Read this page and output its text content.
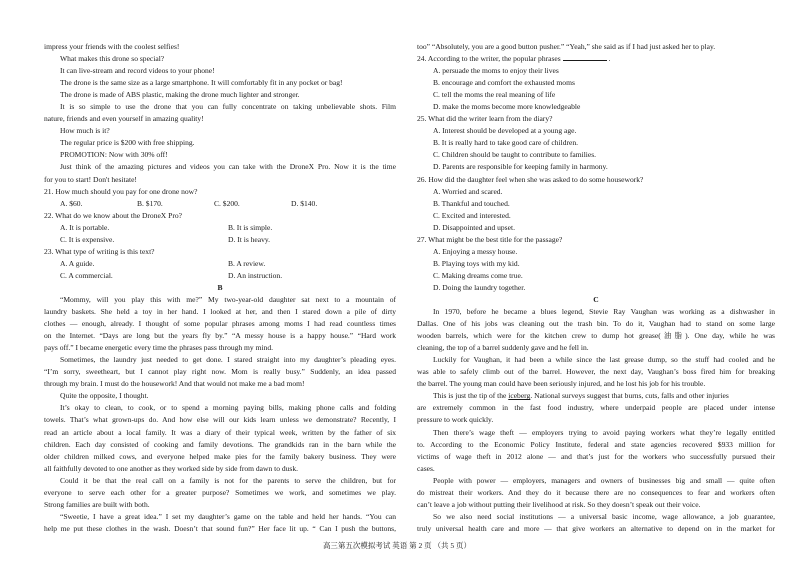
impress your friends with the coolest selfies!
What makes this drone so special?
It can live-stream and record videos to your phone!
The drone is the same size as a large smartphone. It will comfortably fit in any pocket or bag!
The drone is made of ABS plastic, making the drone much lighter and stronger.
It is so simple to use the drone that you can fully concentrate on taking unbelievable shots. Film
nature, friends and even yourself in amazing quality!
How much is it?
The regular price is $200 with free shipping.
PROMOTION: Now with 30% off!
Just think of the amazing pictures and videos you can take with the DroneX Pro. Now it is the time
for you to start! Don't hesitate!
21. How much should you pay for one drone now?
A. $60.	B. $170.	C. $200.	D. $140.
22. What do we know about the DroneX Pro?
A. It is portable.	B. It is simple.
C. It is expensive.	D. It is heavy.
23. What type of writing is this text?
A. A guide.	B. A review.
C. A commercial.	D. An instruction.
B
“Mommy, will you play this with me?” My two-year-old daughter sat next to a mountain of
laundry baskets. She held a toy in her hand. I looked at her, and then I stared down a pile of dirty
clothes — enough, already. I thought of some popular phrases among moms I had read countless times
on the Internet. “Days are long but the years fly by.” “A messy house is a happy house.” “Hard work
pays off.” I became energetic every time the phrases pass through my mind.
Sometimes, the laundry just needed to get done. I stared straight into my daughter’s pleading eyes.
“I’m sorry, sweetheart, but I cannot play right now. Mom is really busy.” Suddenly, an idea passed
through my brain. I must do the housework! And that would not make me a bad mom!
Quite the opposite, I thought.
It’s okay to clean, to cook, or to spend a morning paying bills, making phone calls and folding
towels. That’s what grown-ups do. And how else will our kids learn unless we demonstrate? Recently, I
read an article about a local family. It was a diary of their typical week, written by the father of six
children. Each day consisted of cooking and family devotions. The grandkids ran in the barn while the
older children milked cows, and everyone helped make pies for the family bakery business. They were
all faithfully devoted to one another as they worked side by side from dawn to dusk.
Could it be that the real call on a family is not for the parents to serve the children, but for
everyone to serve each other for a greater purpose? Sometimes we work, and sometimes we play.
Strong families are built with both.
“Sweetie, I have a great idea.” I set my daughter’s game on the table and held her hands. “You can
help me put these clothes in the wash. Doesn’t that sound fun?” Her face lit up. “ Can I push the buttons,
too” “Absolutely, you are a good button pusher.” “Yeah,” she said as if I had just asked her to play.
24. According to the writer, the popular phrases	.
A. persuade the moms to enjoy their lives
B. encourage and comfort the exhausted moms
C. tell the moms the real meaning of life
D. make the moms become more knowledgeable
25. What did the writer learn from the diary?
A. Interest should be developed at a young age.
B. It is really hard to take good care of children.
C. Children should be taught to contribute to families.
D. Parents are responsible for keeping family in harmony.
26. How did the daughter feel when she was asked to do some housework?
A. Worried and scared.
B. Thankful and touched.
C. Excited and interested.
D. Disappointed and upset.
27. What might be the best title for the passage?
A. Enjoying a messy house.
B. Playing toys with my kid.
C. Making dreams come true.
D. Doing the laundry together.
C
In 1970, before he became a blues legend, Stevie Ray Vaughan was working as a dishwasher in
Dallas. One of his jobs was cleaning out the trash bin. To do it, Vaughan had to stand on some large
wooden barrels, which were for the kitchen crew to dump hot grease(油脂). One day, while he was
cleaning, the top of a barrel suddenly gave and he fell in.
Luckily for Vaughan, it had been a while since the last grease dump, so the stuff had cooled and he
was able to safely climb out of the barrel. However, the next day, Vaughan’s boss fired him for breaking
the barrel. The young man could have been seriously injured, and he lost his job for his trouble.
This is just the tip of the iceberg. National surveys suggest that burns, cuts, falls and other injuries
are extremely common in the fast food industry, where underpaid people are placed under intense
pressure to work quickly.
Then there’s wage theft — employers trying to avoid paying workers what they’re legally entitled
to. According to the Economic Policy Institute, federal and state agencies recovered $933 million for
victims of wage theft in 2012 alone — and that’s just for the workers who successfully pursued their
cases.
People with power — employers, managers and owners of businesses big and small — quite often
do mistreat their workers. And they do it because there are no consequences to fear and workers often
can’t leave a job without putting their livelihood at risk. So they doesn’t speak out their voice.
So we also need social institutions — a universal basic income, wage allowance, a job guarantee,
truly universal health care and more — that give workers an alternative to depend on in the market for
高三第五次模拟考试 英语 第 2 页 （共 5 页）
